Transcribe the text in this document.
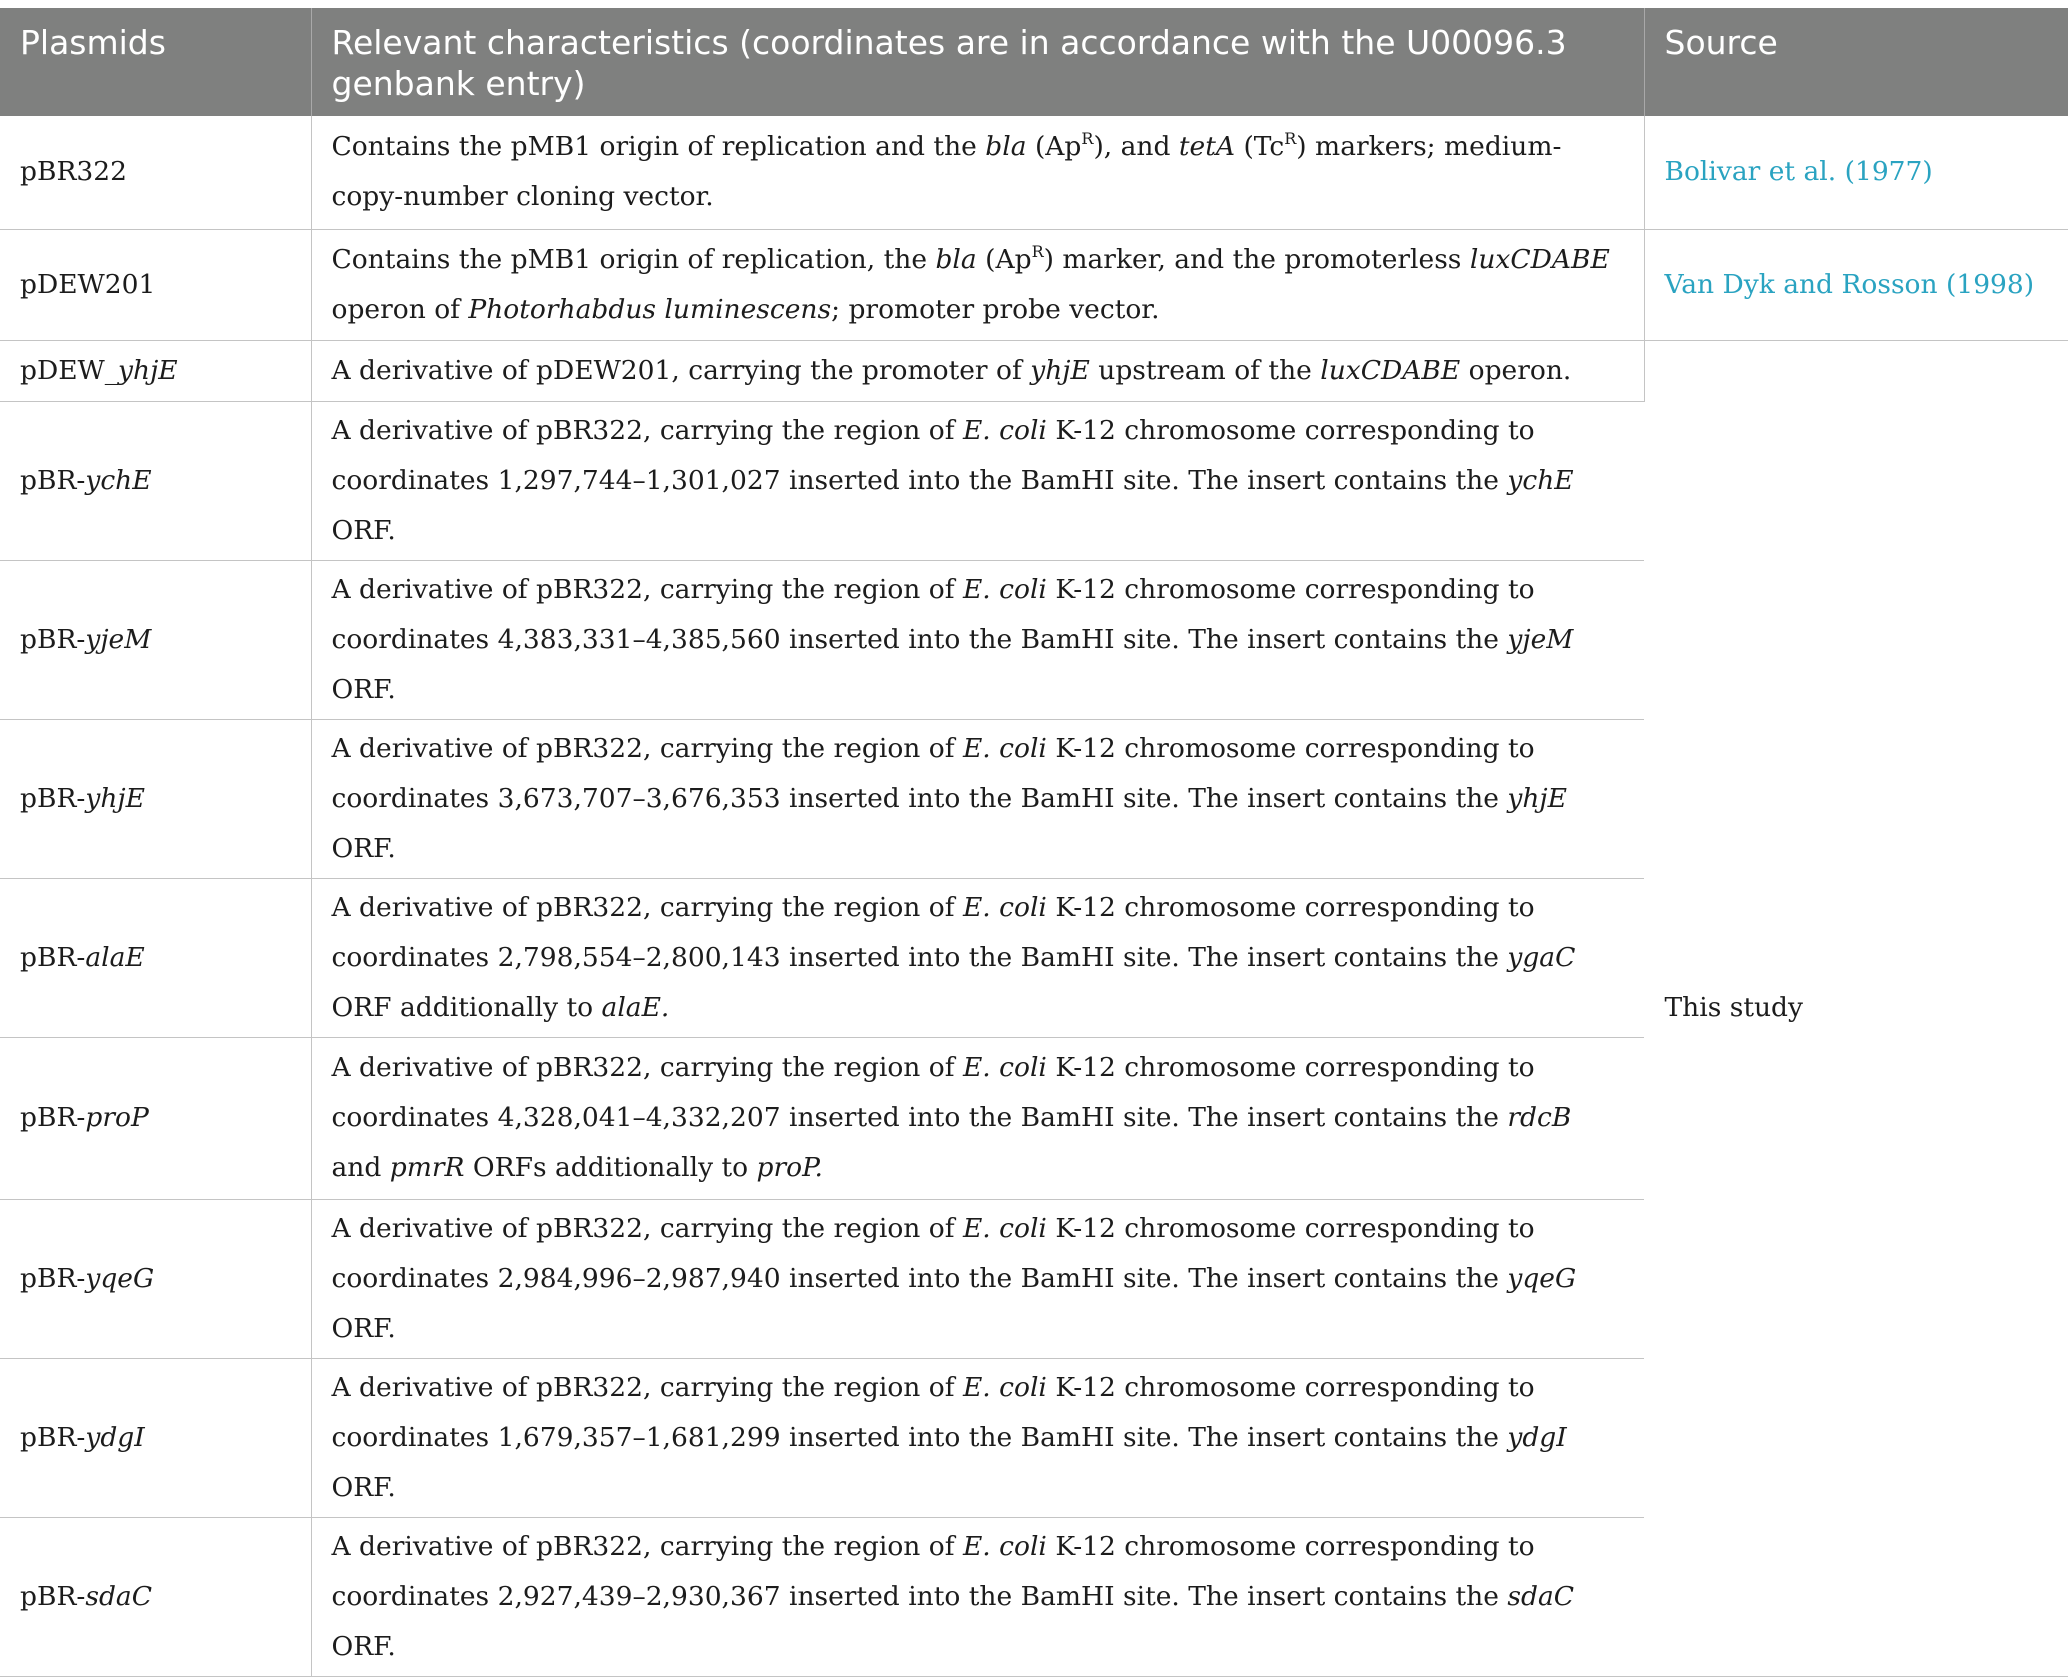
Plasmids	Relevant characteristics (coordinates are in accordance with the U00096.3 genbank entry)	Source
pBR322	Contains the pMB1 origin of replication and the bla $(Ap^R)$, and tetA $(Tc^R)$ markers; medium-copy-number cloning vector.	Bolivar et al. (1977)
pDEW201	Contains the pMB1 origin of replication, the bla $(Ap^R)$ marker, and the promoterless luxCDABE operon of Photorhabdus luminescens; promoter probe vector.	Van Dyk and Rosson (1998)
pDEW_yhjE	A derivative of pDEW201, carrying the promoter of yhjE upstream of the luxCDABE operon.	This study
pBR-ychE	A derivative of pBR322, carrying the region of E. coli K-12 chromosome corresponding to coordinates 1,297,744–1,301,027 inserted into the BamHI site. The insert contains the ychE ORF.	
pBR-yjeM	A derivative of pBR322, carrying the region of E. coli K-12 chromosome corresponding to coordinates 4,383,331–4,385,560 inserted into the BamHI site. The insert contains the yjeM ORF.	
pBR-yhjE	A derivative of pBR322, carrying the region of E. coli K-12 chromosome corresponding to coordinates 3,673,707–3,676,353 inserted into the BamHI site. The insert contains the yhjE ORF.	
pBR-alaE	A derivative of pBR322, carrying the region of E. coli K-12 chromosome corresponding to coordinates 2,798,554–2,800,143 inserted into the BamHI site. The insert contains the ygaC ORF additionally to alaE.	
pBR-proP	A derivative of pBR322, carrying the region of E. coli K-12 chromosome corresponding to coordinates 4,328,041–4,332,207 inserted into the BamHI site. The insert contains the rdcB and pmrR ORFs additionally to proP.	
pBR-yqeG	A derivative of pBR322, carrying the region of E. coli K-12 chromosome corresponding to coordinates 2,984,996–2,987,940 inserted into the BamHI site. The insert contains the yqeG ORF.	
pBR-ydgI	A derivative of pBR322, carrying the region of E. coli K-12 chromosome corresponding to coordinates 1,679,357–1,681,299 inserted into the BamHI site. The insert contains the ydgI ORF.	
pBR-sdaC	A derivative of pBR322, carrying the region of E. coli K-12 chromosome corresponding to coordinates 2,927,439–2,930,367 inserted into the BamHI site. The insert contains the sdaC ORF.	
